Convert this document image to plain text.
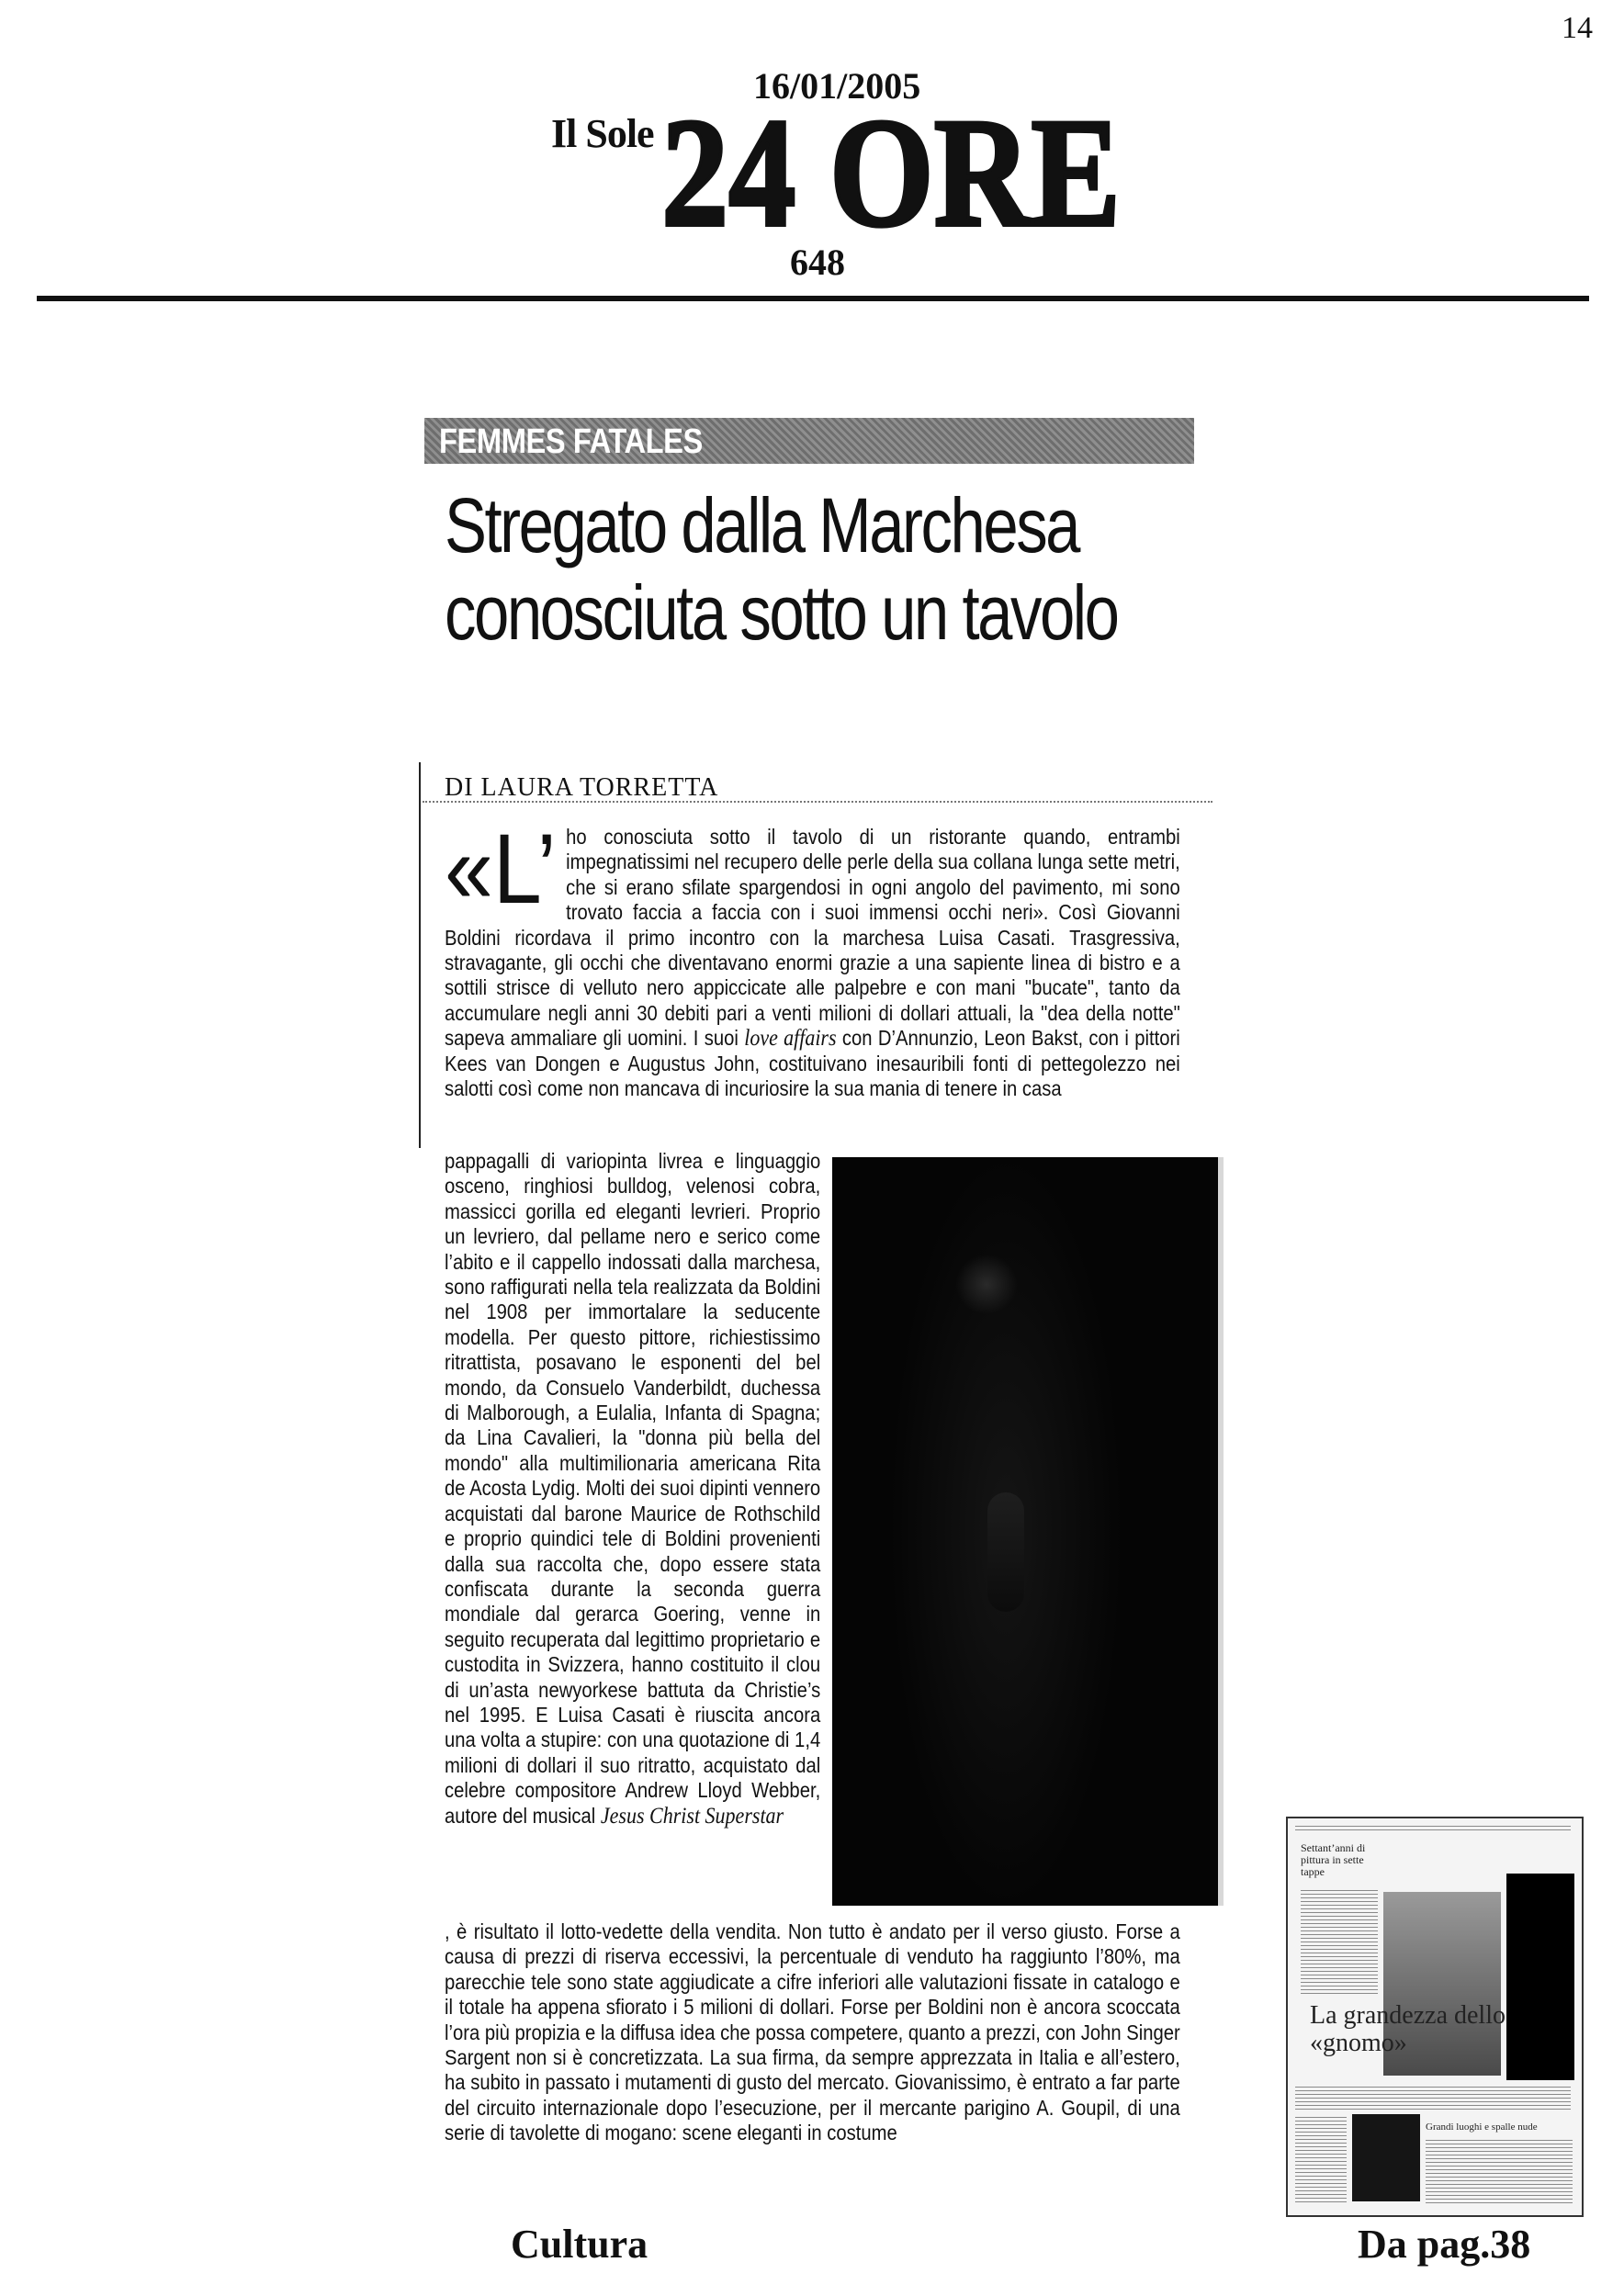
14
16/01/2005
Il Sole 24 ORE
648
FEMMES FATALES
Stregato dalla Marchesa
conosciuta sotto un tavolo
DI LAURA TORRETTA
«L’ ho conosciuta sotto il tavolo di un ristorante quando, entrambi impegnatissimi nel recupero delle perle della sua collana lunga sette metri, che si erano sfilate spargendosi in ogni angolo del pavimento, mi sono trovato faccia a faccia con i suoi immensi occhi neri». Così Giovanni Boldini ricordava il primo incontro con la marchesa Luisa Casati. Trasgressiva, stravagante, gli occhi che diventavano enormi grazie a una sapiente linea di bistro e a sottili strisce di velluto nero appiccicate alle palpebre e con mani "bucate", tanto da accumulare negli anni 30 debiti pari a venti milioni di dollari attuali, la "dea della notte" sapeva ammaliare gli uomini. I suoi love affairs con D’Annunzio, Leon Bakst, con i pittori Kees van Dongen e Augustus John, costituivano inesauribili fonti di pettegolezzo nei salotti così come non mancava di incuriosire la sua mania di tenere in casa
pappagalli di variopinta livrea e linguaggio osceno, ringhiosi bulldog, velenosi cobra, massicci gorilla ed eleganti levrieri. Proprio un levriero, dal pellame nero e serico come l’abito e il cappello indossati dalla marchesa, sono raffigurati nella tela realizzata da Boldini nel 1908 per immortalare la seducente modella. Per questo pittore, richiestissimo ritrattista, posavano le esponenti del bel mondo, da Consuelo Vanderbildt, duchessa di Malborough, a Eulalia, Infanta di Spagna; da Lina Cavalieri, la "donna più bella del mondo" alla multimilionaria americana Rita de Acosta Lydig. Molti dei suoi dipinti vennero acquistati dal barone Maurice de Rothschild e proprio quindici tele di Boldini provenienti dalla sua raccolta che, dopo essere stata confiscata durante la seconda guerra mondiale dal gerarca Goering, venne in seguito recuperata dal legittimo proprietario e custodita in Svizzera, hanno costituito il clou di un’asta newyorkese battuta da Christie’s nel 1995. E Luisa Casati è riuscita ancora una volta a stupire: con una quotazione di 1,4 milioni di dollari il suo ritratto, acquistato dal celebre compositore Andrew Lloyd Webber, autore del musical Jesus Christ Superstar
, è risultato il lotto-vedette della vendita. Non tutto è andato per il verso giusto. Forse a causa di prezzi di riserva eccessivi, la percentuale di venduto ha raggiunto l’80%, ma parecchie tele sono state aggiudicate a cifre inferiori alle valutazioni fissate in catalogo e il totale ha appena sfiorato i 5 milioni di dollari. Forse per Boldini non è ancora scoccata l’ora più propizia e la diffusa idea che possa competere, quanto a prezzi, con John Singer Sargent non si è concretizzata. La sua firma, da sempre apprezzata in Italia e all’estero, ha subito in passato i mutamenti di gusto del mercato. Giovanissimo, è entrato a far parte del circuito internazionale dopo l’esecuzione, per il mercante parigino A. Goupil, di una serie di tavolette di mogano: scene eleganti in costume
Settant’anni di pittura in sette tappe
La grandezza dello «gnomo»
Grandi luoghi e spalle nude
Cultura	Da pag.38
